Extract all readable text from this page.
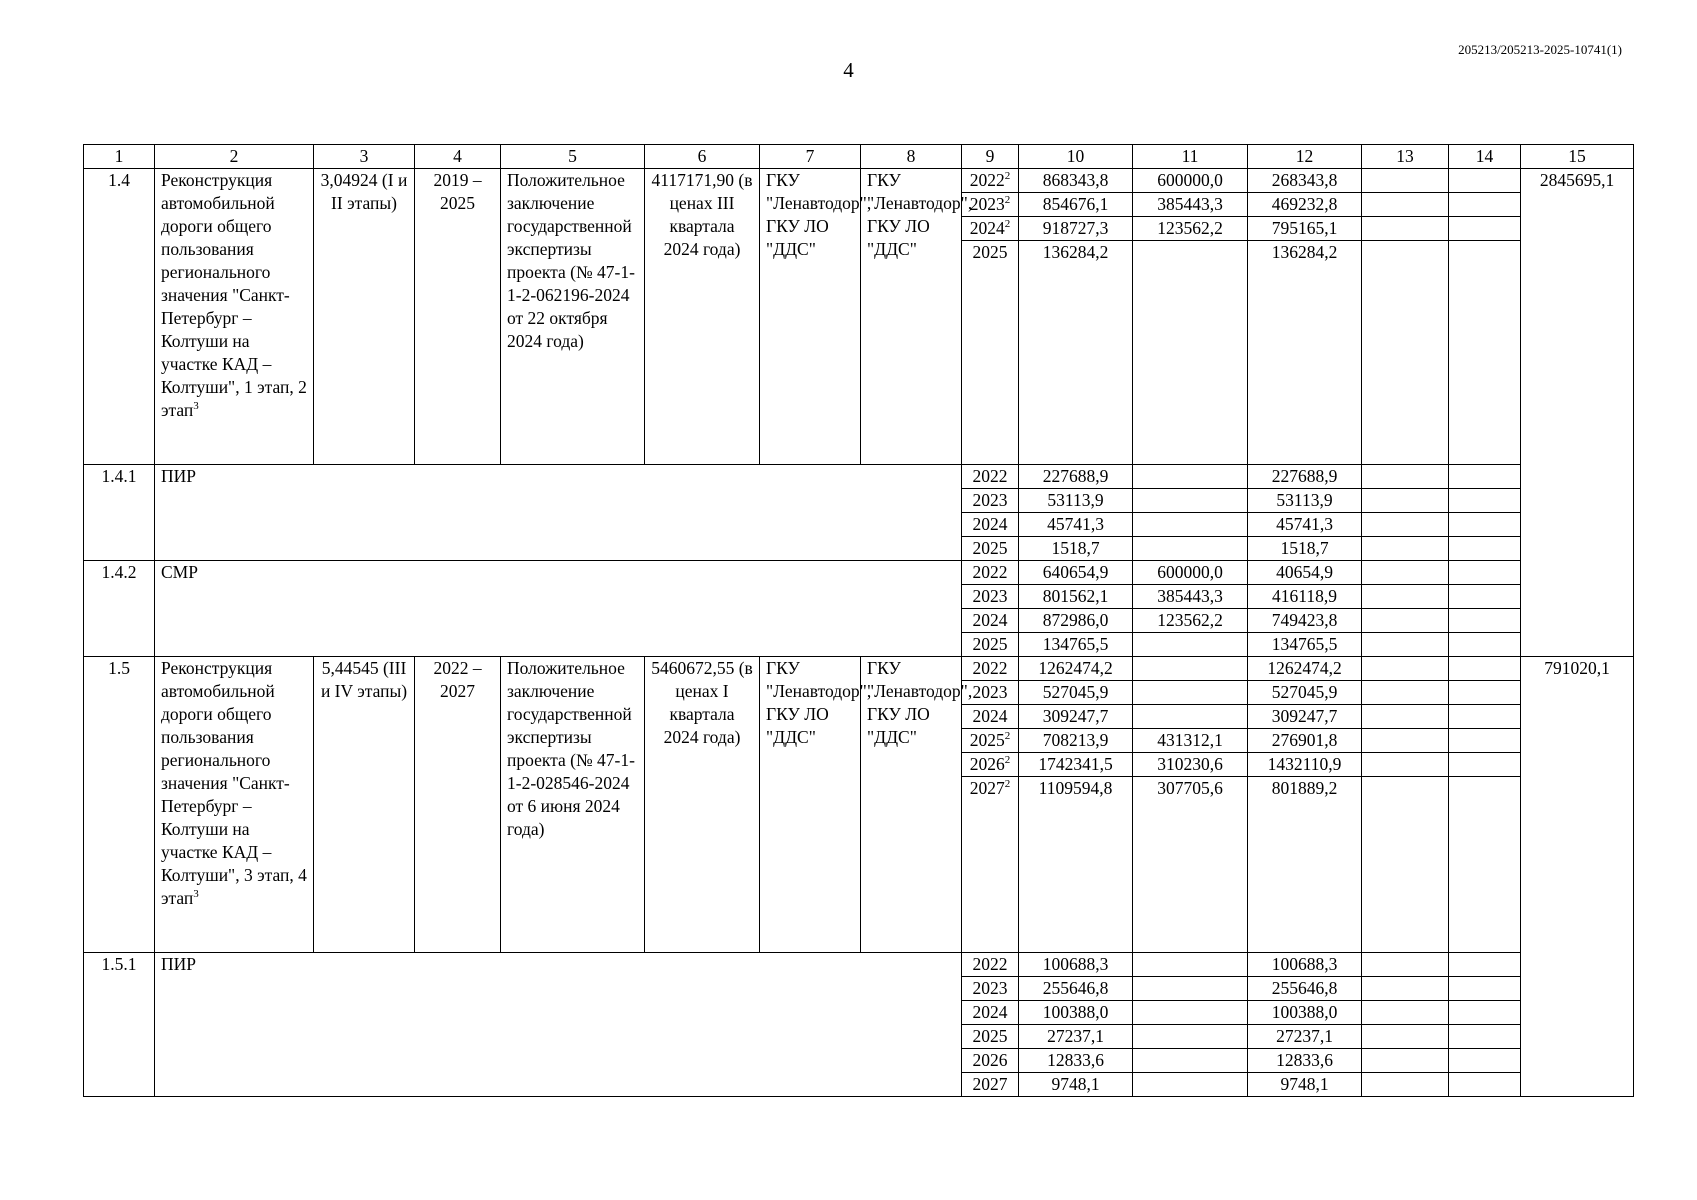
205213/205213-2025-10741(1)
4
1	2	3	4	5	6	7	8	9	10	11	12	13	14	15
1.4	Реконструкция автомобильной дороги общего пользования регионального значения "Санкт-Петербург – Колтуши на участке КАД – Колтуши", 1 этап, 2 этап$^3$	3,04924 (I и II этапы)	2019 – 2025	Положительное заключение государственной экспертизы проекта (№ 47-1-1-2-062196-2024 от 22 октября 2024 года)	4117171,90 (в ценах III квартала 2024 года)	ГКУ "Ленавтодор", ГКУ ЛО "ДДС"	ГКУ "Ленавтодор", ГКУ ЛО "ДДС"	2022$^2$	868343,8	600000,0	268343,8			2845695,1
								2023$^2$	854676,1	385443,3	469232,8			
								2024$^2$	918727,3	123562,2	795165,1			
								2025	136284,2		136284,2			
1.4.1	ПИР							2022	227688,9		227688,9			
								2023	53113,9		53113,9			
								2024	45741,3		45741,3			
								2025	1518,7		1518,7			
1.4.2	СМР							2022	640654,9	600000,0	40654,9			
								2023	801562,1	385443,3	416118,9			
								2024	872986,0	123562,2	749423,8			
								2025	134765,5		134765,5			
1.5	Реконструкция автомобильной дороги общего пользования регионального значения "Санкт-Петербург – Колтуши на участке КАД – Колтуши", 3 этап, 4 этап$^3$	5,44545 (III и IV этапы)	2022 – 2027	Положительное заключение государственной экспертизы проекта (№ 47-1-1-2-028546-2024 от 6 июня 2024 года)	5460672,55 (в ценах I квартала 2024 года)	ГКУ "Ленавтодор", ГКУ ЛО "ДДС"	ГКУ "Ленавтодор", ГКУ ЛО "ДДС"	2022	1262474,2		1262474,2			791020,1
								2023	527045,9		527045,9			
								2024	309247,7		309247,7			
								2025$^2$	708213,9	431312,1	276901,8			
								2026$^2$	1742341,5	310230,6	1432110,9			
								2027$^2$	1109594,8	307705,6	801889,2			
1.5.1	ПИР							2022	100688,3		100688,3			
								2023	255646,8		255646,8			
								2024	100388,0		100388,0			
								2025	27237,1		27237,1			
								2026	12833,6		12833,6			
								2027	9748,1		9748,1			
